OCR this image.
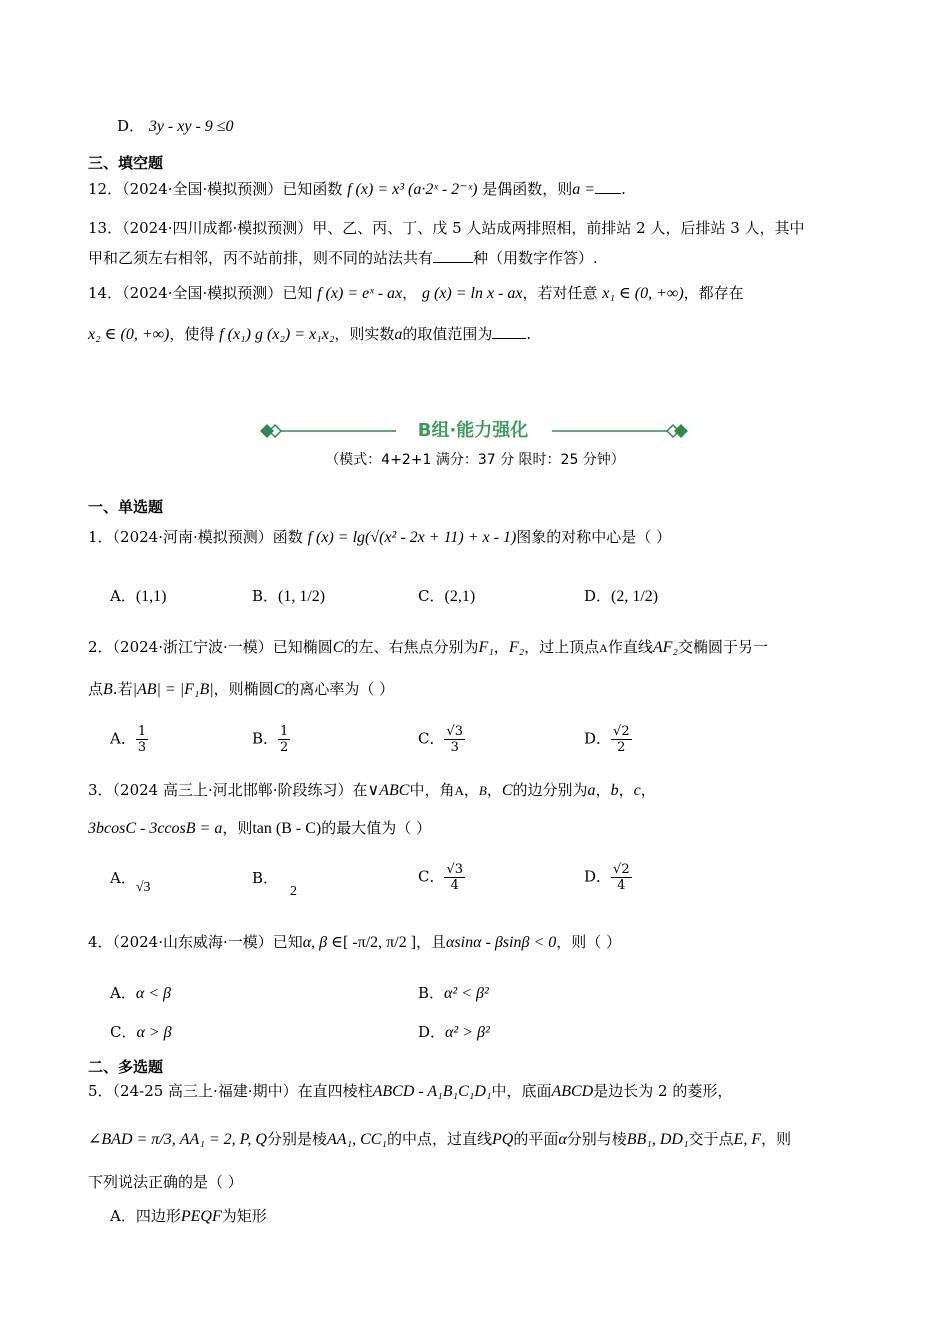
D． 3y - xy - 9 ≤0
三、填空题
12．（2024·全国·模拟预测）已知函数 f (x) = x³ (a·2ˣ - 2⁻ˣ) 是偶函数，则a = .
13．（2024·四川成都·模拟预测）甲、乙、丙、丁、戊 5 人站成两排照相，前排站 2 人，后排站 3 人，其中
甲和乙须左右相邻，丙不站前排，则不同的站法共有	种（用数字作答）.
14．（2024·全国·模拟预测）已知 f (x) = eˣ - ax， g (x) = ln x - ax，若对任意 x₁ ∈ (0, +∞)，都存在
x₂ ∈ (0, +∞)，使得 f (x₁) g (x₂) = x₁x₂，则实数a的取值范围为 .
B组·能力强化
（模式：4+2+1 满分：37 分 限时：25 分钟）
一、单选题
1．（2024·河南·模拟预测）函数 f (x) = lg(√(x² - 2x + 11) + x - 1)图象的对称中心是（ ）
A．(1,1)	B．(1, 1/2)	C．(2,1)	D．(2, 1/2)
2．（2024·浙江宁波·一模）已知椭圆C的左、右焦点分别为F₁，F₂，过上顶点A作直线AF₂交椭圆于另一
点B.若|AB| = |F₁B|，则椭圆C的离心率为（ ）
A． $\frac{1}{3}$	B． $\frac{1}{2}$	C． $\frac{√3}{3}$	D． $\frac{√2}{2}$
3．（2024 高三上·河北邯郸·阶段练习）在∨ABC中，角A，B，C的边分别为a，b，c，
3bcosC - 3ccosB = a，则tan (B - C)的最大值为（ ）
A．√3
B．2
C． $\frac{√3}{4}$	D． $\frac{√2}{4}$
4．（2024·山东威海·一模）已知α, β ∈[ -π/2, π/2 ]，且αsinα - βsinβ < 0，则（ ）
A．α < β	B．α² < β²
C．α > β	D．α² > β²
二、多选题
5．（24-25 高三上·福建·期中）在直四棱柱ABCD - A₁B₁C₁D₁中，底面ABCD是边长为 2 的菱形，
∠BAD = π/3, AA₁ = 2, P, Q分别是棱AA₁, CC₁的中点，过直线PQ的平面α分别与棱BB₁, DD₁交于点E, F，则
下列说法正确的是（ ）
A．四边形PEQF为矩形
